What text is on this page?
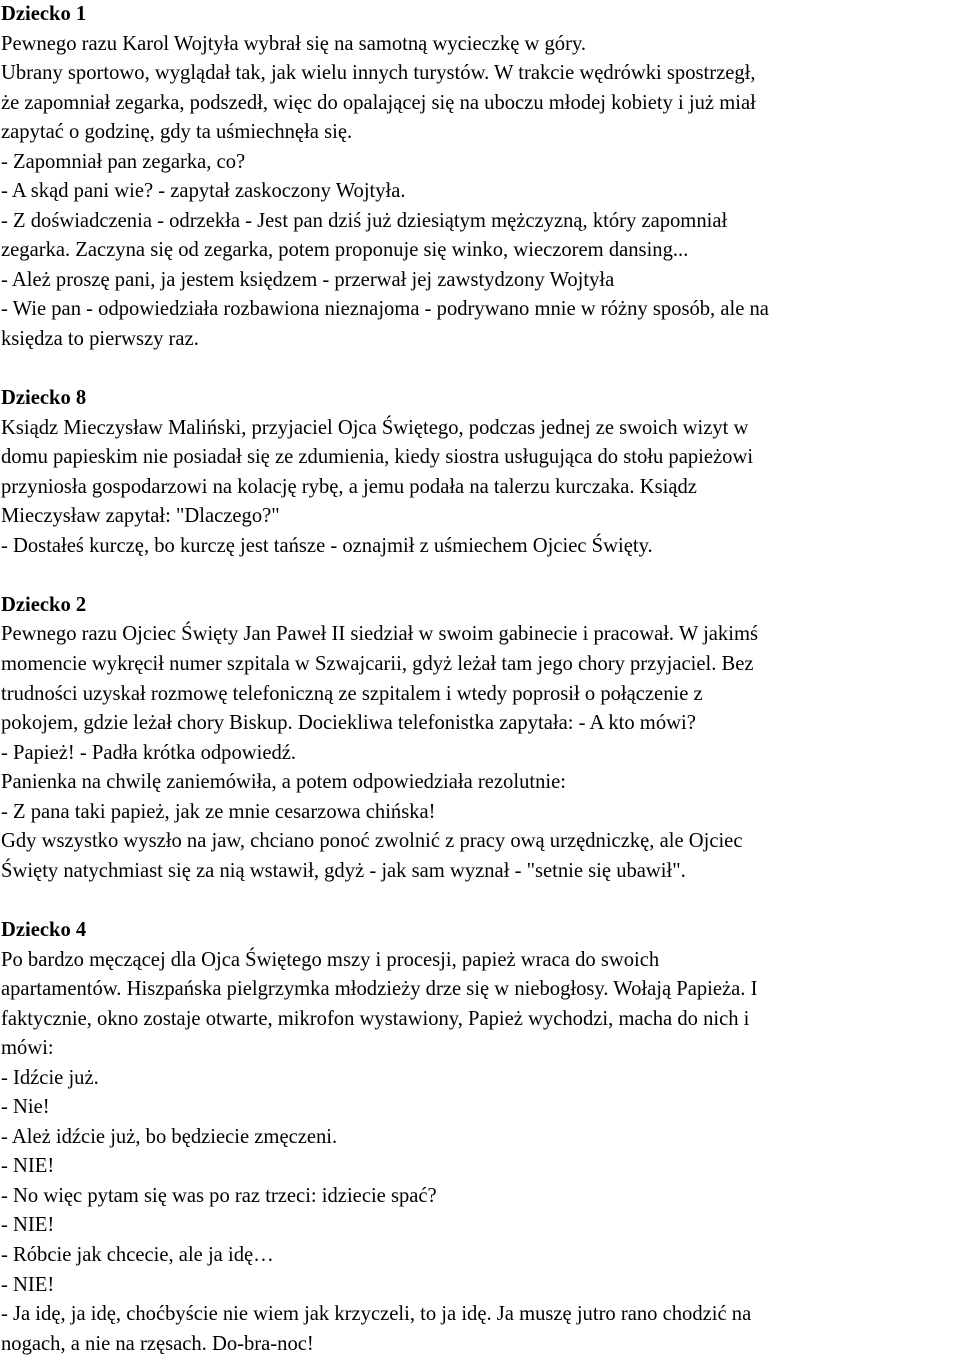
Dziecko 1
Pewnego razu Karol Wojtyła wybrał się na samotną wycieczkę w góry.
Ubrany sportowo, wyglądał tak, jak wielu innych turystów. W trakcie wędrówki spostrzegł,
że zapomniał zegarka, podszedł, więc do opalającej się na uboczu młodej kobiety i już miał
zapytać o godzinę, gdy ta uśmiechnęła się.
- Zapomniał pan zegarka, co?
- A skąd pani wie? - zapytał zaskoczony Wojtyła.
- Z doświadczenia - odrzekła - Jest pan dziś już dziesiątym mężczyzną, który zapomniał
zegarka. Zaczyna się od zegarka, potem proponuje się winko, wieczorem dansing...
- Ależ proszę pani, ja jestem księdzem - przerwał jej zawstydzony Wojtyła
- Wie pan - odpowiedziała rozbawiona nieznajoma - podrywano mnie w różny sposób, ale na
księdza to pierwszy raz.
Dziecko 8
Ksiądz Mieczysław Maliński, przyjaciel Ojca Świętego, podczas jednej ze swoich wizyt w
domu papieskim nie posiadał się ze zdumienia, kiedy siostra usługująca do stołu papieżowi
przyniosła gospodarzowi na kolację rybę, a jemu podała na talerzu kurczaka. Ksiądz
Mieczysław zapytał: "Dlaczego?"
- Dostałeś kurczę, bo kurczę jest tańsze - oznajmił z uśmiechem Ojciec Święty.
Dziecko 2
Pewnego razu Ojciec Święty Jan Paweł II siedział w swoim gabinecie i pracował. W jakimś
momencie wykręcił numer szpitala w Szwajcarii, gdyż leżał tam jego chory przyjaciel. Bez
trudności uzyskał rozmowę telefoniczną ze szpitalem i wtedy poprosił o połączenie z
pokojem, gdzie leżał chory Biskup. Dociekliwa telefonistka zapytała: - A kto mówi?
- Papież! - Padła krótka odpowiedź.
Panienka na chwilę zaniemówiła, a potem odpowiedziała rezolutnie:
- Z pana taki papież, jak ze mnie cesarzowa chińska!
Gdy wszystko wyszło na jaw, chciano ponoć zwolnić z pracy ową urzędniczkę, ale Ojciec
Święty natychmiast się za nią wstawił, gdyż - jak sam wyznał - "setnie się ubawił".
Dziecko 4
Po bardzo męczącej dla Ojca Świętego mszy i procesji, papież wraca do swoich
apartamentów. Hiszpańska pielgrzymka młodzieży drze się w niebogłosy. Wołają Papieża. I
faktycznie, okno zostaje otwarte, mikrofon wystawiony, Papież wychodzi, macha do nich i
mówi:
- Idźcie już.
- Nie!
- Ależ idźcie już, bo będziecie zmęczeni.
- NIE!
- No więc pytam się was po raz trzeci: idziecie spać?
- NIE!
- Róbcie jak chcecie, ale ja idę…
- NIE!
- Ja idę, ja idę, choćbyście nie wiem jak krzyczeli, to ja idę. Ja muszę jutro rano chodzić na
nogach, a nie na rzęsach. Do-bra-noc!
